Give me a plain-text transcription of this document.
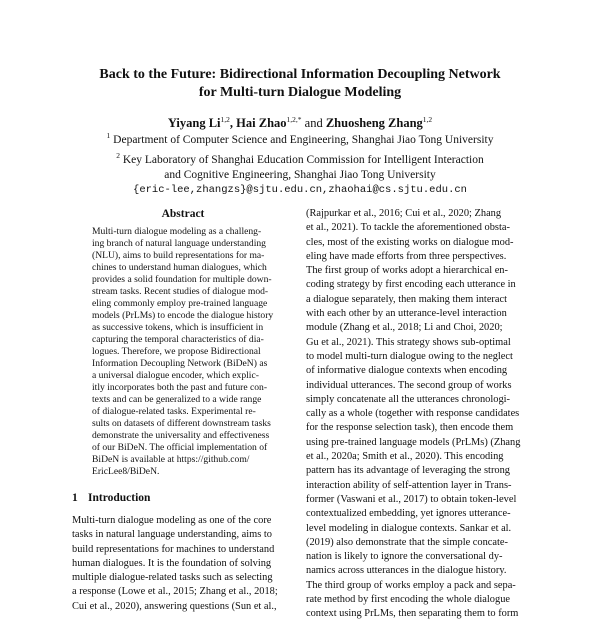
Back to the Future: Bidirectional Information Decoupling Network
for Multi-turn Dialogue Modeling
Yiyang Li$^{1,2}$, Hai Zhao$^{1,2,*}$ and Zhuosheng Zhang$^{1,2}$
$^1$ Department of Computer Science and Engineering, Shanghai Jiao Tong University
$^2$ Key Laboratory of Shanghai Education Commission for Intelligent Interaction
and Cognitive Engineering, Shanghai Jiao Tong University
{eric-lee,zhangzs}@sjtu.edu.cn,zhaohai@cs.sjtu.edu.cn
Abstract
Multi-turn dialogue modeling as a challeng-
ing branch of natural language understanding
(NLU), aims to build representations for ma-
chines to understand human dialogues, which
provides a solid foundation for multiple down-
stream tasks. Recent studies of dialogue mod-
eling commonly employ pre-trained language
models (PrLMs) to encode the dialogue history
as successive tokens, which is insufficient in
capturing the temporal characteristics of dia-
logues. Therefore, we propose Bidirectional
Information Decoupling Network (BiDeN) as
a universal dialogue encoder, which explic-
itly incorporates both the past and future con-
texts and can be generalized to a wide range
of dialogue-related tasks. Experimental re-
sults on datasets of different downstream tasks
demonstrate the universality and effectiveness
of our BiDeN. The official implementation of
BiDeN is available at https://github.com/
EricLee8/BiDeN.
1 Introduction
Multi-turn dialogue modeling as one of the core
tasks in natural language understanding, aims to
build representations for machines to understand
human dialogues. It is the foundation of solving
multiple dialogue-related tasks such as selecting
a response (Lowe et al., 2015; Zhang et al., 2018;
Cui et al., 2020), answering questions (Sun et al.,
(Rajpurkar et al., 2016; Cui et al., 2020; Zhang
et al., 2021). To tackle the aforementioned obsta-
cles, most of the existing works on dialogue mod-
eling have made efforts from three perspectives.
The first group of works adopt a hierarchical en-
coding strategy by first encoding each utterance in
a dialogue separately, then making them interact
with each other by an utterance-level interaction
module (Zhang et al., 2018; Li and Choi, 2020;
Gu et al., 2021). This strategy shows sub-optimal
to model multi-turn dialogue owing to the neglect
of informative dialogue contexts when encoding
individual utterances. The second group of works
simply concatenate all the utterances chronologi-
cally as a whole (together with response candidates
for the response selection task), then encode them
using pre-trained language models (PrLMs) (Zhang
et al., 2020a; Smith et al., 2020). This encoding
pattern has its advantage of leveraging the strong
interaction ability of self-attention layer in Trans-
former (Vaswani et al., 2017) to obtain token-level
contextualized embedding, yet ignores utterance-
level modeling in dialogue contexts. Sankar et al.
(2019) also demonstrate that the simple concate-
nation is likely to ignore the conversational dy-
namics across utterances in the dialogue history.
The third group of works employ a pack and sepa-
rate method by first encoding the whole dialogue
context using PrLMs, then separating them to form
